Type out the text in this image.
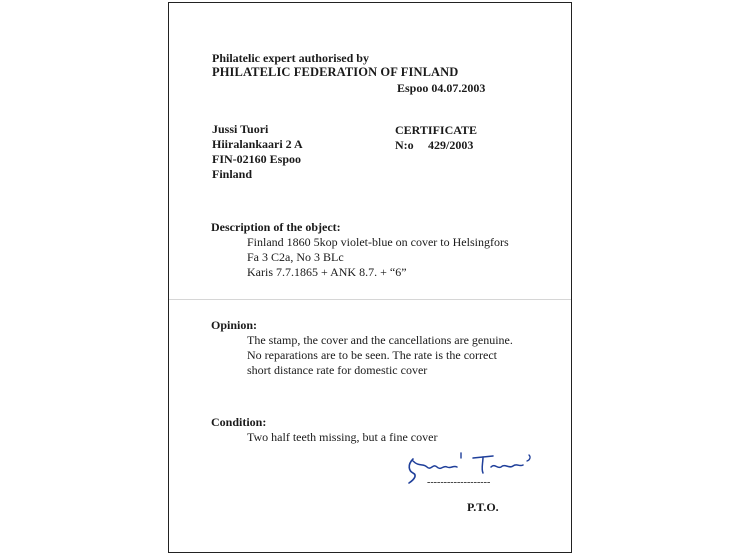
Philatelic expert authorised by
PHILATELIC FEDERATION OF FINLAND
Espoo 04.07.2003
Jussi Tuori
Hiiralankaari 2 A
FIN-02160 Espoo
Finland
CERTIFICATE
N:o 429/2003
Description of the object:
Finland 1860 5kop violet-blue on cover to Helsingfors
Fa 3 C2a, No 3 BLc
Karis 7.7.1865 + ANK 8.7. + “6”
Opinion:
The stamp, the cover and the cancellations are genuine.
No reparations are to be seen. The rate is the correct
short distance rate for domestic cover
Condition:
Two half teeth missing, but a fine cover
-------------------
P.T.O.
